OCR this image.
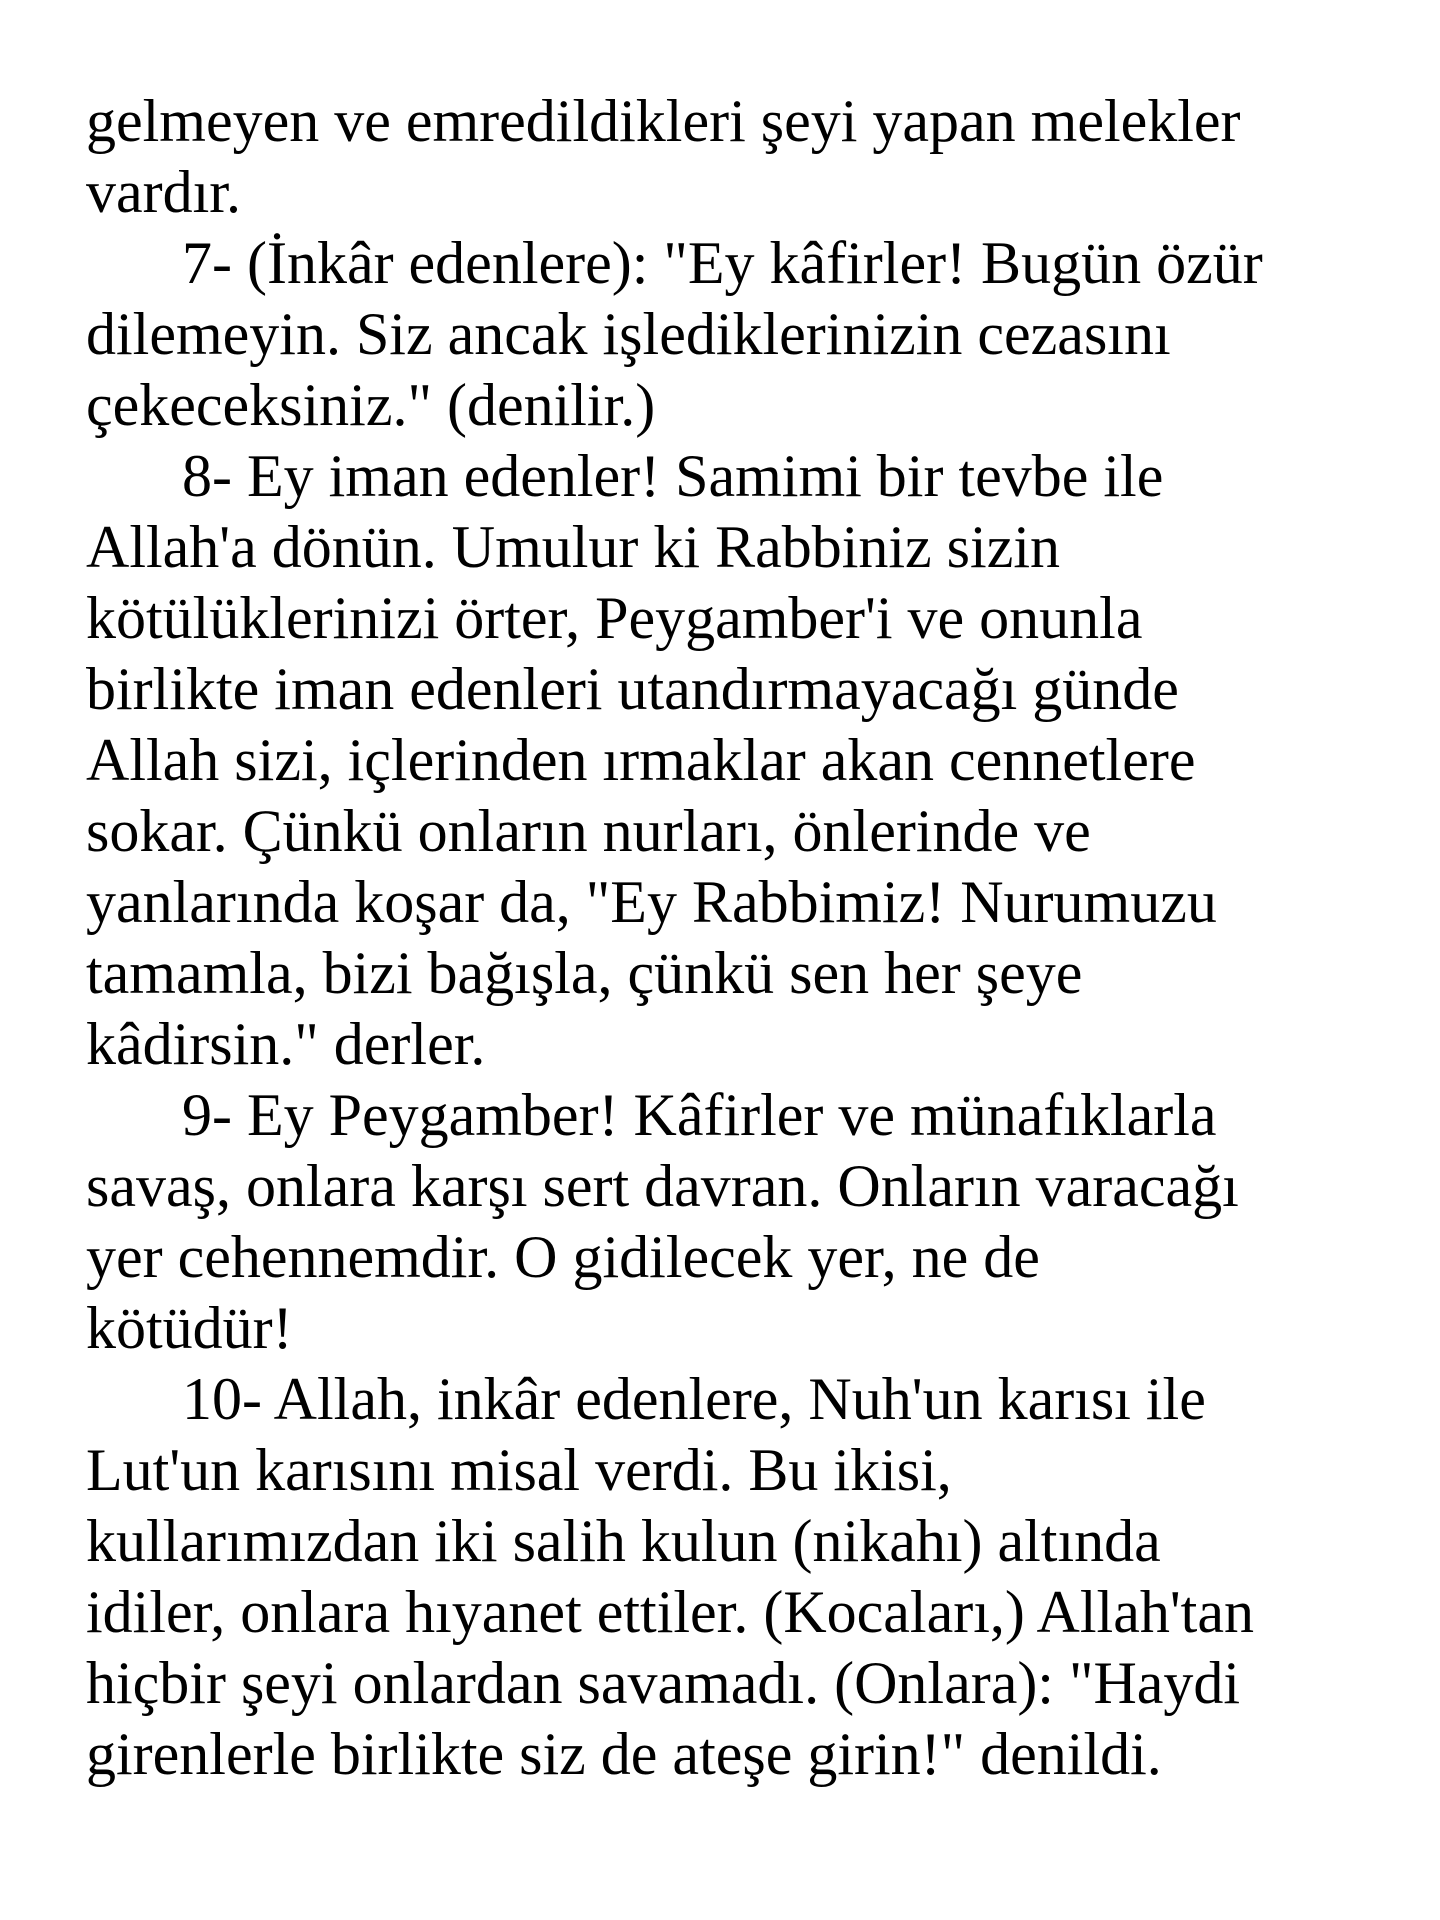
gelmeyen ve emredildikleri şeyi yapan melekler
vardır.

7- (İnkâr edenlere): "Ey kâfirler! Bugün özür
dilemeyin. Siz ancak işlediklerinizin cezasını
çekeceksiniz." (denilir.)

8- Ey iman edenler! Samimi bir tevbe ile
Allah'a dönün. Umulur ki Rabbiniz sizin
kötülüklerinizi örter, Peygamber'i ve onunla
birlikte iman edenleri utandırmayacağı günde
Allah sizi, içlerinden ırmaklar akan cennetlere
sokar. Çünkü onların nurları, önlerinde ve
yanlarında koşar da, "Ey Rabbimiz! Nurumuzu
tamamla, bizi bağışla, çünkü sen her şeye
kâdirsin." derler.

9- Ey Peygamber! Kâfirler ve münafıklarla
savaş, onlara karşı sert davran. Onların varacağı
yer cehennemdir. O gidilecek yer, ne de
kötüdür!

10- Allah, inkâr edenlere, Nuh'un karısı ile
Lut'un karısını misal verdi. Bu ikisi,
kullarımızdan iki salih kulun (nikahı) altında
idiler, onlara hıyanet ettiler. (Kocaları,) Allah'tan
hiçbir şeyi onlardan savamadı. (Onlara): "Haydi
girenlerle birlikte siz de ateşe girin!" denildi.
